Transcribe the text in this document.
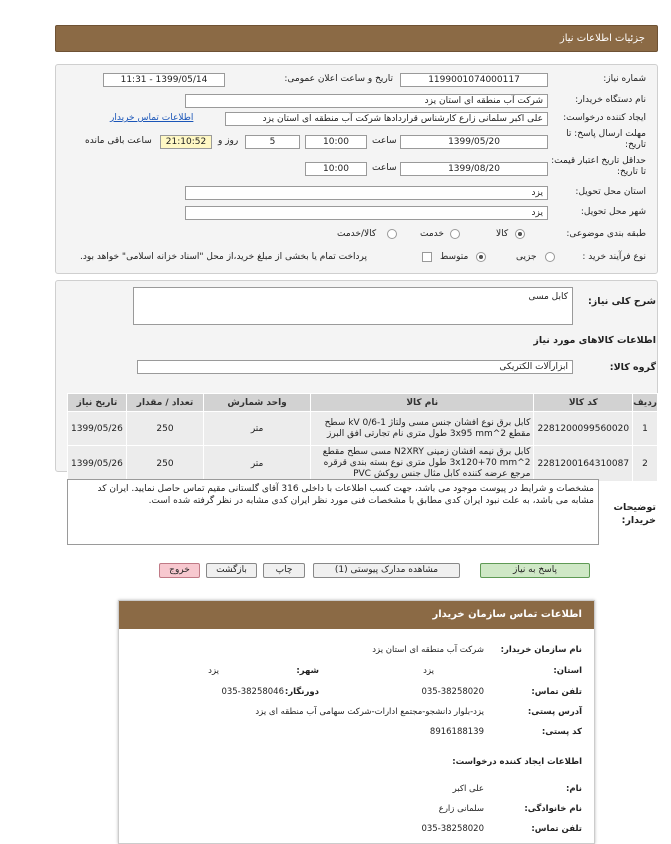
جزئیات اطلاعات نیاز
شماره نیاز:
1199001074000117
تاریخ و ساعت اعلان عمومی:
1399/05/14 - 11:31
نام دستگاه خریدار:
شرکت آب منطقه ای استان یزد
ایجاد کننده درخواست:
علی اکبر سلمانی زارع کارشناس قراردادها شرکت آب منطقه ای استان یزد
اطلاعات تماس خریدار
مهلت ارسال پاسخ: تا تاریخ:
1399/05/20
ساعت
10:00
5
روز و
21:10:52
ساعت باقی مانده
حداقل تاریخ اعتبار قیمت: تا تاریخ:
1399/08/20
ساعت
10:00
استان محل تحویل:
یزد
شهر محل تحویل:
یزد
طبقه بندی موضوعی:
کالا
خدمت
کالا/خدمت
نوع فرآیند خرید :
جزیی
متوسط
پرداخت تمام یا بخشی از مبلغ خرید،از محل "اسناد خزانه اسلامی" خواهد بود.
شرح کلی نیاز:
کابل مسی
اطلاعات کالاهای مورد نیاز
گروه کالا:
ابزارآلات الکتریکی
ردیف	کد کالا	نام کالا	واحد شمارش	تعداد / مقدار	تاریخ نیاز
1	2281200099560020	کابل برق نوع افشان جنس مسی ولتاژ kV 0/6-1 سطح مقطع 3x95 mm^2 طول متری نام تجارتی افق البرز	متر	250	1399/05/26
2	2281200164310087	کابل برق نیمه افشان زمینی N2XRY مسی سطح مقطع 3x120+70 mm^2 طول متری نوع بسته بندی قرقره مرجع عرضه کننده کابل مثال جنس روکش PVC	متر	250	1399/05/26
توضیحات خریدار:
مشخصات و شرایط در پیوست موجود می باشد، جهت کسب اطلاعات با داخلی 316 آقای گلستانی مقیم تماس حاصل نمایید. ایران کد مشابه می باشد، به علت نبود ایران کدی مطابق با مشخصات فنی مورد نظر ایران کدی مشابه در نظر گرفته شده است.
پاسخ به نیاز
مشاهده مدارک پیوستی (1)
چاپ
بازگشت
خروج
اطلاعات تماس سازمان خریدار
نام سازمان خریدار:
شرکت آب منطقه ای استان یزد
استان:
یزد
شهر:
یزد
تلفن تماس:
035-38258020
دورنگار:
035-38258046
آدرس پستی:
یزد-بلوار دانشجو-مجتمع ادارات-شرکت سهامی آب منطقه ای یزد
کد پستی:
8916188139
اطلاعات ایجاد کننده درخواست:
نام:
علی اکبر
نام خانوادگی:
سلمانی زارع
تلفن تماس:
035-38258020
